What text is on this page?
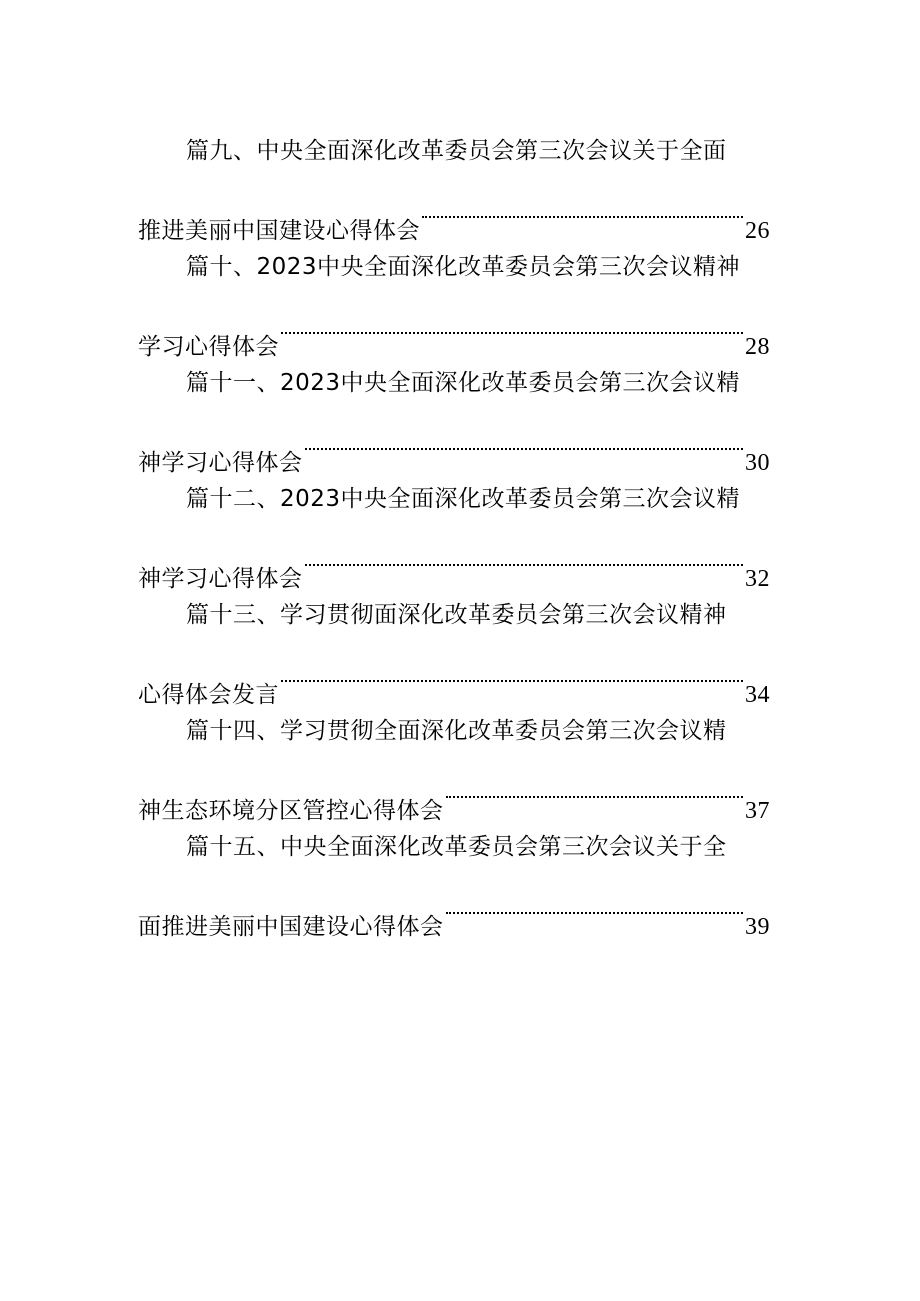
篇九、中央全面深化改革委员会第三次会议关于全面
推进美丽中国建设心得体会	26
篇十、2023中央全面深化改革委员会第三次会议精神
学习心得体会	28
篇十一、2023中央全面深化改革委员会第三次会议精
神学习心得体会	30
篇十二、2023中央全面深化改革委员会第三次会议精
神学习心得体会	32
篇十三、学习贯彻面深化改革委员会第三次会议精神
心得体会发言	34
篇十四、学习贯彻全面深化改革委员会第三次会议精
神生态环境分区管控心得体会	37
篇十五、中央全面深化改革委员会第三次会议关于全
面推进美丽中国建设心得体会	39
